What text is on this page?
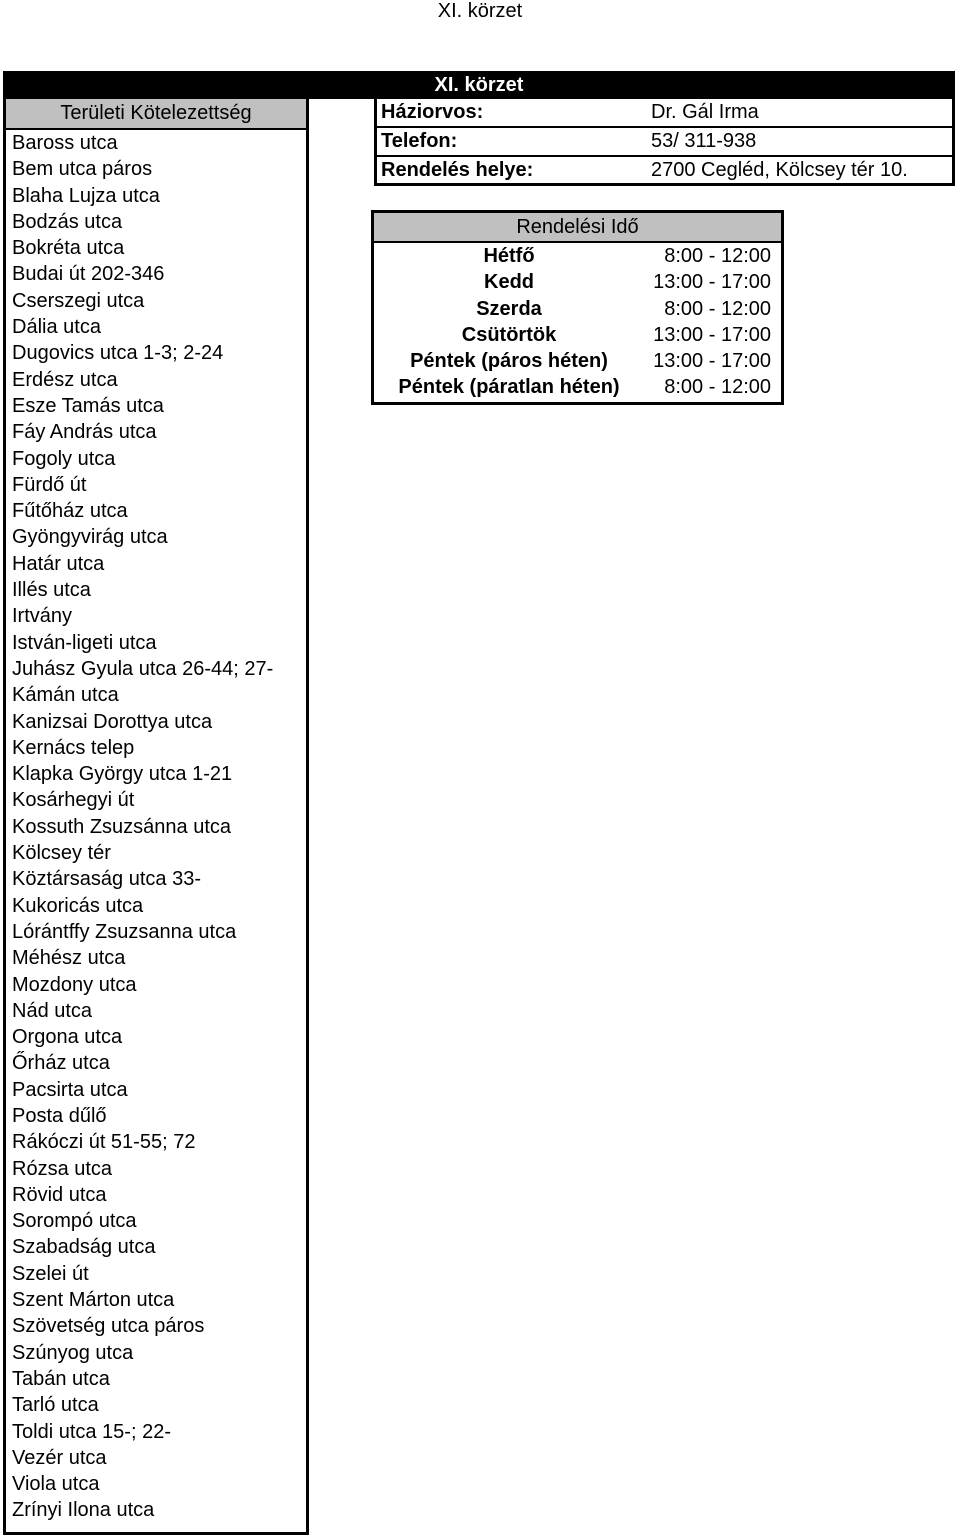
XI. körzet
XI. körzet
Területi Kötelezettség
Baross utca
Bem utca páros
Blaha Lujza utca
Bodzás utca
Bokréta utca
Budai út 202-346
Cserszegi utca
Dália utca
Dugovics utca 1-3; 2-24
Erdész utca
Esze Tamás utca
Fáy András utca
Fogoly utca
Fürdő út
Fűtőház utca
Gyöngyvirág utca
Határ utca
Illés utca
Irtvány
István-ligeti utca
Juhász Gyula utca 26-44; 27-
Kámán utca
Kanizsai Dorottya utca
Kernács telep
Klapka György utca 1-21
Kosárhegyi út
Kossuth Zsuzsánna utca
Kölcsey tér
Köztársaság utca 33-
Kukoricás utca
Lórántffy Zsuzsanna utca
Méhész utca
Mozdony utca
Nád utca
Orgona utca
Őrház utca
Pacsirta utca
Posta dűlő
Rákóczi út 51-55; 72
Rózsa utca
Rövid utca
Sorompó utca
Szabadság utca
Szelei út
Szent Márton utca
Szövetség utca páros
Szúnyog utca
Tabán utca
Tarló utca
Toldi utca 15-; 22-
Vezér utca
Viola utca
Zrínyi Ilona utca
Háziorvos:	Dr. Gál Irma
Telefon:	53/ 311-938
Rendelés helye:	2700 Cegléd, Kölcsey tér 10.
Rendelési Idő
Hétfő	8:00 - 12:00
Kedd	13:00 - 17:00
Szerda	8:00 - 12:00
Csütörtök	13:00 - 17:00
Péntek (páros héten)	13:00 - 17:00
Péntek (páratlan héten)	8:00 - 12:00
